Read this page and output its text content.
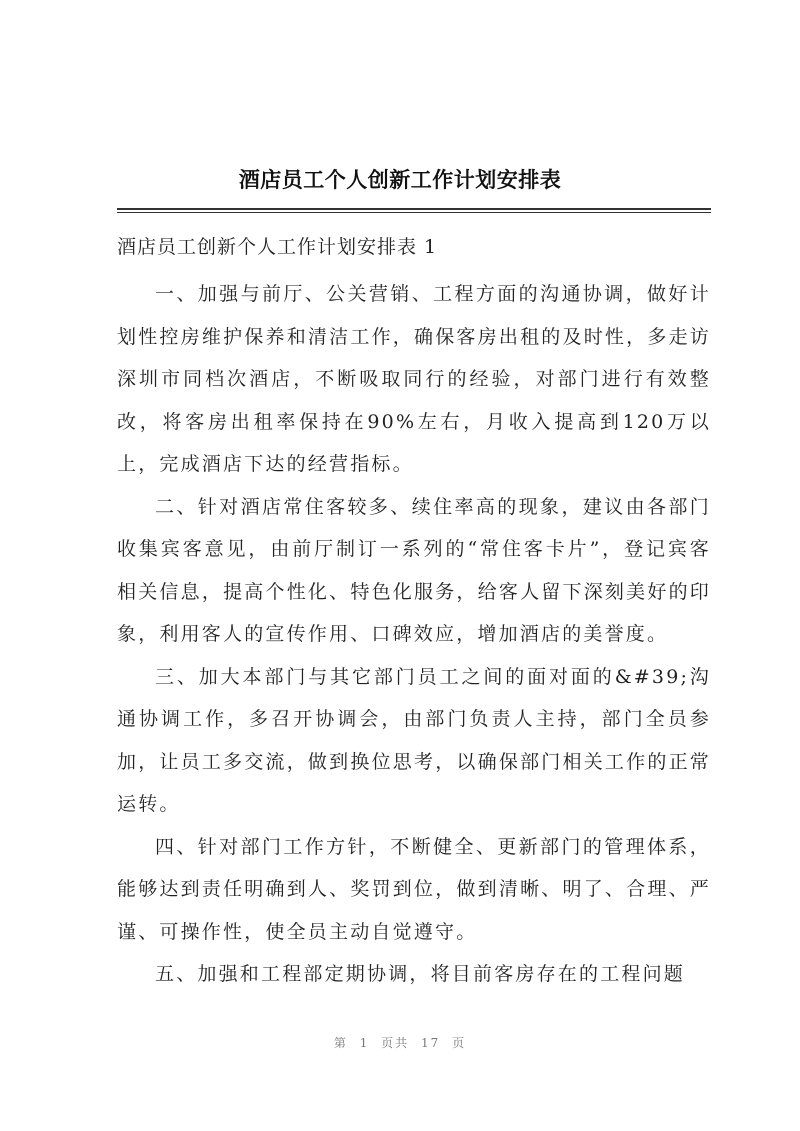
酒店员工个人创新工作计划安排表
酒店员工创新个人工作计划安排表 1

一、加强与前厅、公关营销、工程方面的沟通协调，做好计划性控房维护保养和清洁工作，确保客房出租的及时性，多走访深圳市同档次酒店，不断吸取同行的经验，对部门进行有效整改，将客房出租率保持在90%左右，月收入提高到120万以上，完成酒店下达的经营指标。

二、针对酒店常住客较多、续住率高的现象，建议由各部门收集宾客意见，由前厅制订一系列的“常住客卡片”，登记宾客相关信息，提高个性化、特色化服务，给客人留下深刻美好的印象，利用客人的宣传作用、口碑效应，增加酒店的美誉度。

三、加大本部门与其它部门员工之间的面对面的&#39;沟通协调工作，多召开协调会，由部门负责人主持，部门全员参加，让员工多交流，做到换位思考，以确保部门相关工作的正常运转。

四、针对部门工作方针，不断健全、更新部门的管理体系，能够达到责任明确到人、奖罚到位，做到清晰、明了、合理、严谨、可操作性，使全员主动自觉遵守。

五、加强和工程部定期协调，将目前客房存在的工程问题

第 1 页共 17 页
